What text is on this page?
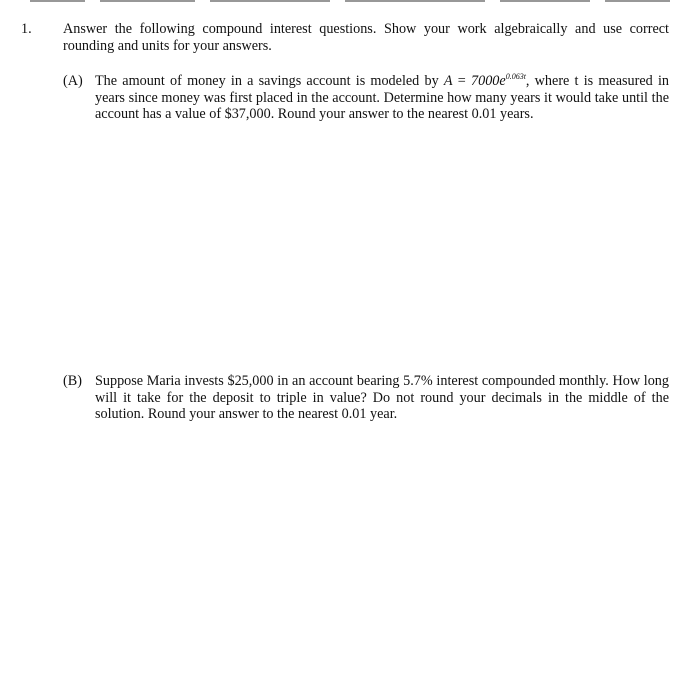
1. Answer the following compound interest questions. Show your work algebraically and use correct rounding and units for your answers.
(A) The amount of money in a savings account is modeled by $A = 7000e^{0.063t}$, where t is measured in years since money was first placed in the account. Determine how many years it would take until the account has a value of $37,000. Round your answer to the nearest 0.01 years.
(B) Suppose Maria invests $25,000 in an account bearing 5.7% interest compounded monthly. How long will it take for the deposit to triple in value? Do not round your decimals in the middle of the solution. Round your answer to the nearest 0.01 year.
